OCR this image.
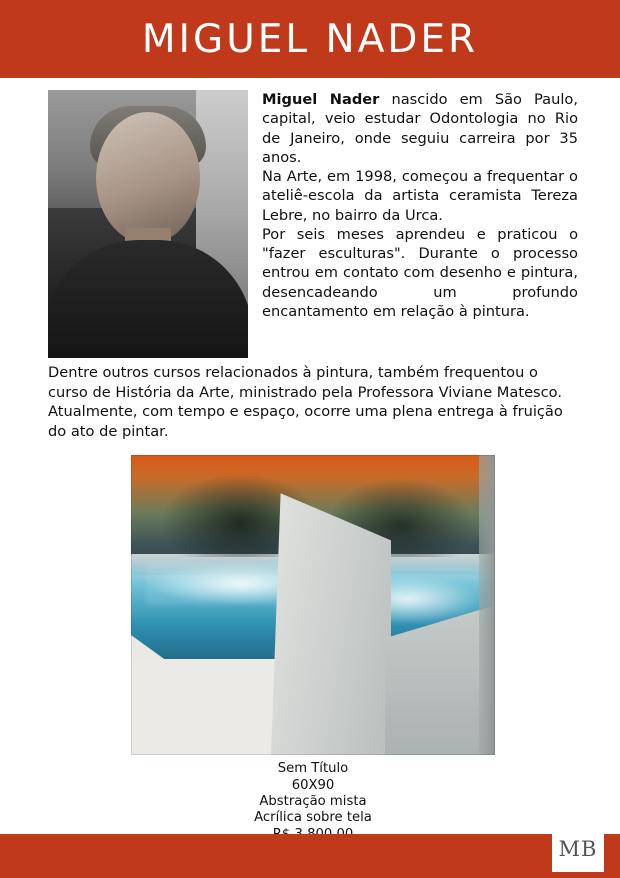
MIGUEL NADER

Miguel Nader nascido em São Paulo, capital, veio estudar Odontologia no Rio de Janeiro, onde seguiu carreira por 35 anos.

Na Arte, em 1998, começou a frequentar o ateliê-escola da artista ceramista Tereza Lebre, no bairro da Urca.

Por seis meses aprendeu e praticou o "fazer esculturas". Durante o processo entrou em contato com desenho e pintura, desencadeando um profundo encantamento em relação à pintura.

Dentre outros cursos relacionados à pintura, também frequentou o curso de História da Arte, ministrado pela Professora Viviane Matesco.

Atualmente, com tempo e espaço, ocorre uma plena entrega à fruição do ato de pintar.

Sem Título
60X90
Abstração mista
Acrílica sobre tela
MB
